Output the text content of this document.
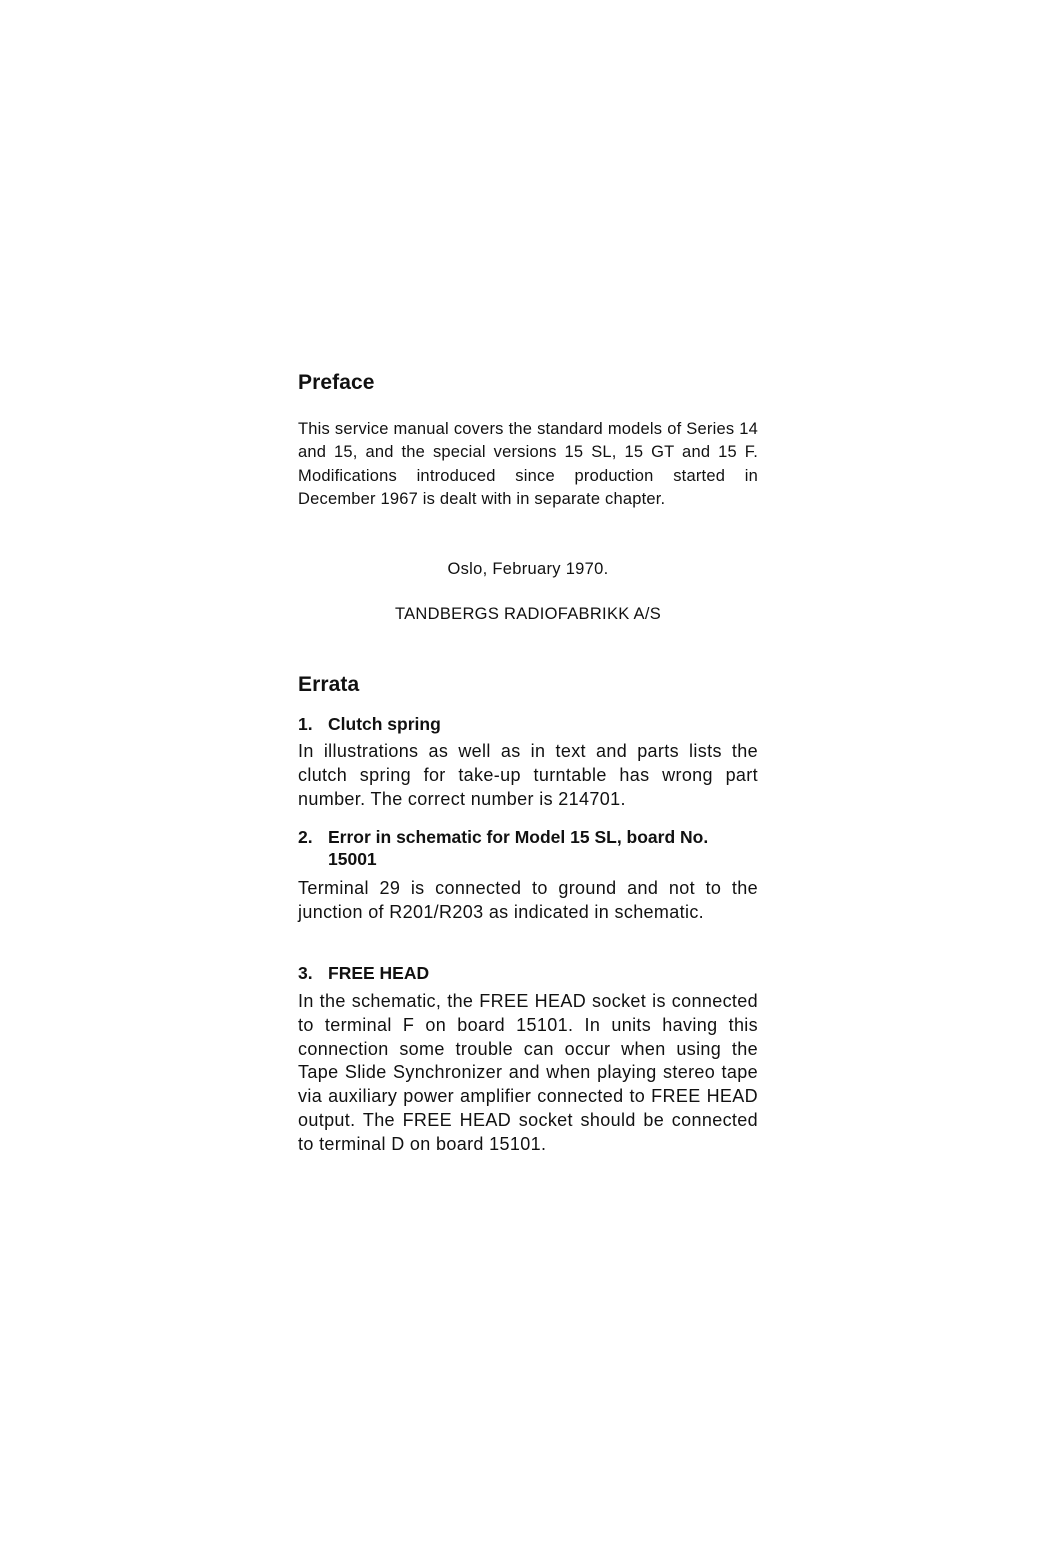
Preface

This service manual covers the standard models of Series 14 and 15, and the special versions 15 SL, 15 GT and 15 F. Modifications introduced since production started in December 1967 is dealt with in separate chapter.

Oslo, February 1970.

TANDBERGS RADIOFABRIKK A/S

Errata
1. Clutch spring

In illustrations as well as in text and parts lists the clutch spring for take-up turntable has wrong part number. The correct number is 214701.

2. Error in schematic for Model 15 SL, board No. 15001

Terminal 29 is connected to ground and not to the junction of R201/R203 as indicated in schematic.

3. FREE HEAD

In the schematic, the FREE HEAD socket is connected to terminal F on board 15101. In units having this connection some trouble can occur when using the Tape Slide Synchronizer and when playing stereo tape via auxiliary power amplifier connected to FREE HEAD output. The FREE HEAD socket should be connected to terminal D on board 15101.
